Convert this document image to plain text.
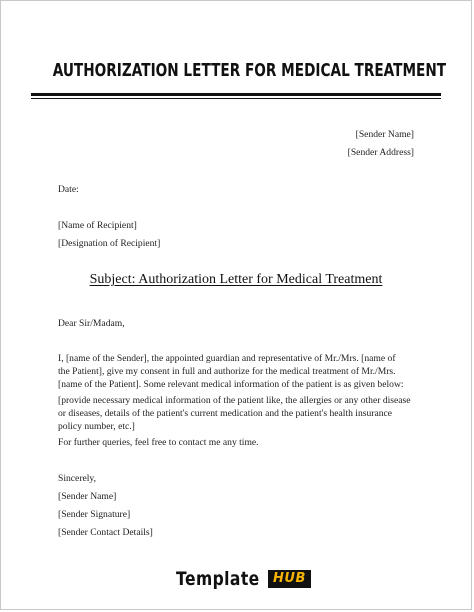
AUTHORIZATION LETTER FOR MEDICAL TREATMENT
[Sender Name]
[Sender Address]
Date:
[Name of Recipient]
[Designation of Recipient]
Subject: Authorization Letter for Medical Treatment
Dear Sir/Madam,
I, [name of the Sender], the appointed guardian and representative of Mr./Mrs. [name of
the Patient], give my consent in full and authorize for the medical treatment of Mr./Mrs.
[name of the Patient]. Some relevant medical information of the patient is as given below:
[provide necessary medical information of the patient like, the allergies or any other disease
or diseases, details of the patient's current medication and the patient's health insurance
policy number, etc.]
For further queries, feel free to contact me any time.
Sincerely,
[Sender Name]
[Sender Signature]
[Sender Contact Details]
Template	HUB
